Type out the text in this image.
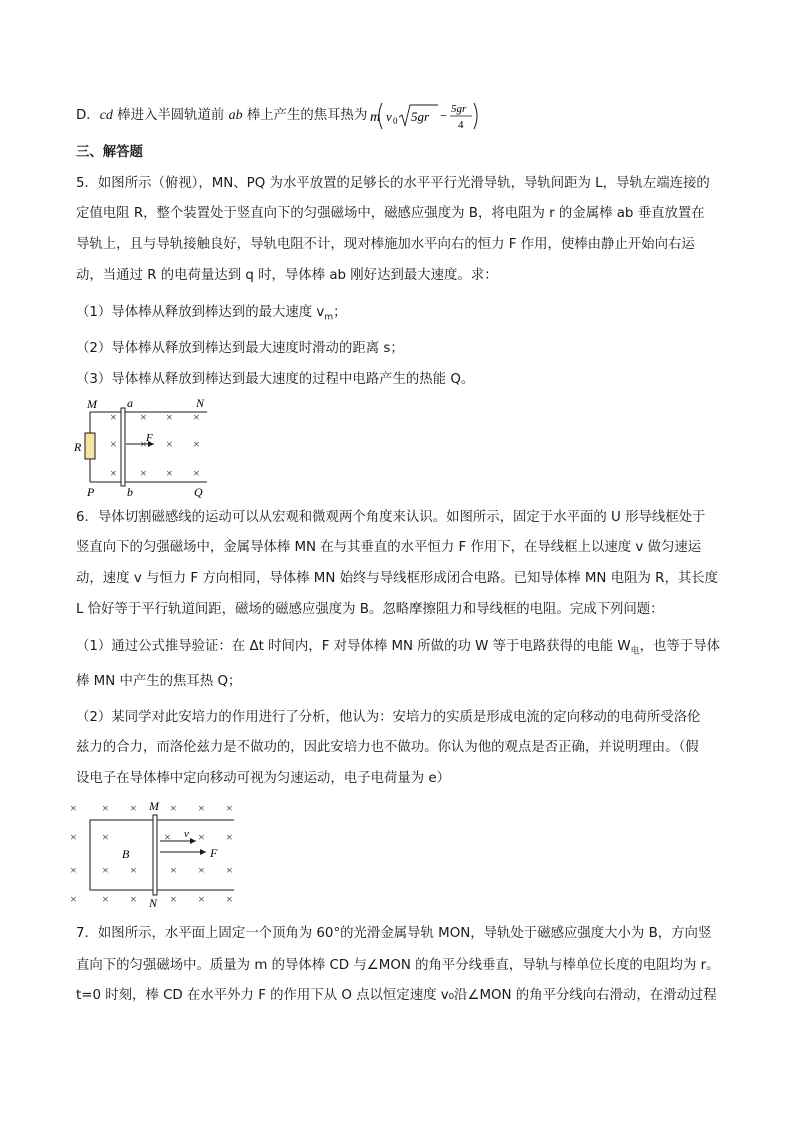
D．cd 棒进入半圆轨道前 ab 棒上产生的焦耳热为 m v 0 5gr − 5gr
4
三、解答题
5．如图所示（俯视），MN、PQ 为水平放置的足够长的水平平行光滑导轨，导轨间距为 L，导轨左端连接的
定值电阻 R，整个装置处于竖直向下的匀强磁场中，磁感应强度为 B，将电阻为 r 的金属棒 ab 垂直放置在
导轨上，且与导轨接触良好，导轨电阻不计，现对棒施加水平向右的恒力 F 作用，使棒由静止开始向右运
动，当通过 R 的电荷量达到 q 时，导体棒 ab 刚好达到最大速度。求：
（1）导体棒从释放到棒达到的最大速度 $v_m$；
（2）导体棒从释放到棒达到最大速度时滑动的距离 s；
（3）导体棒从释放到棒达到最大速度的过程中电路产生的热能 Q。
M	a	N
R
× × × ×
× × × ×
× × × ×
F
P	b	Q
6．导体切割磁感线的运动可以从宏观和微观两个角度来认识。如图所示，固定于水平面的 U 形导线框处于
竖直向下的匀强磁场中，金属导体棒 MN 在与其垂直的水平恒力 F 作用下，在导线框上以速度 v 做匀速运
动，速度 v 与恒力 F 方向相同，导体棒 MN 始终与导线框形成闭合电路。已知导体棒 MN 电阻为 R，其长度
L 恰好等于平行轨道间距，磁场的磁感应强度为 B。忽略摩擦阻力和导线框的电阻。完成下列问题：
（1）通过公式推导验证：在 Δt 时间内，F 对导体棒 MN 所做的功 W 等于电路获得的电能 $W_电$，也等于导体
棒 MN 中产生的焦耳热 Q；
（2）某同学对此安培力的作用进行了分析，他认为：安培力的实质是形成电流的定向移动的电荷所受洛伦
兹力的合力，而洛伦兹力是不做功的，因此安培力也不做功。你认为他的观点是否正确，并说明理由。（假
设电子在导体棒中定向移动可视为匀速运动，电子电荷量为 e）
× × ×	× × ×
× ×	× × ×
× × ×	× × ×
× × ×	× × ×
M
N
B
v
F
7．如图所示，水平面上固定一个顶角为 60°的光滑金属导轨 MON，导轨处于磁感应强度大小为 B，方向竖
直向下的匀强磁场中。质量为 m 的导体棒 CD 与∠MON 的角平分线垂直，导轨与棒单位长度的电阻均为 r。
t=0 时刻，棒 CD 在水平外力 F 的作用下从 O 点以恒定速度 v₀沿∠MON 的角平分线向右滑动，在滑动过程
